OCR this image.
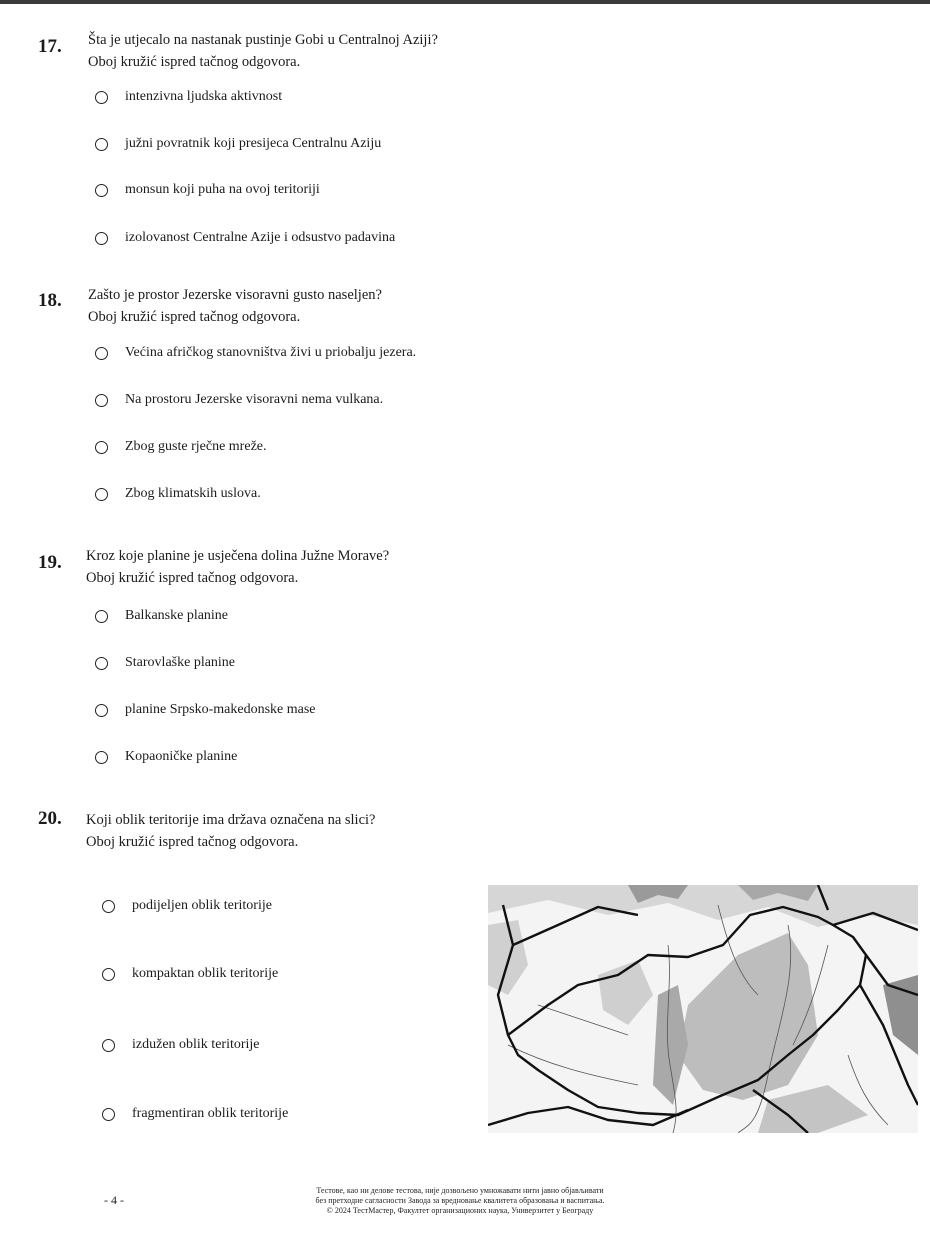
17. Šta je utjecalo na nastanak pustinje Gobi u Centralnoj Aziji?
Oboj kružić ispred tačnog odgovora.
intenzivna ljudska aktivnost
južni povratnik koji presijeca Centralnu Aziju
monsun koji puha na ovoj teritoriji
izolovanost Centralne Azije i odsustvo padavina
18. Zašto je prostor Jezerske visoravni gusto naseljen?
Oboj kružić ispred tačnog odgovora.
Većina afričkog stanovništva živi u priobalju jezera.
Na prostoru Jezerske visoravni nema vulkana.
Zbog guste rječne mreže.
Zbog klimatskih uslova.
19. Kroz koje planine je usječena dolina Južne Morave?
Oboj kružić ispred tačnog odgovora.
Balkanske planine
Starovlaške planine
planine Srpsko-makedonske mase
Kopaoničke planine
20. Koji oblik teritorije ima država označena na slici?
Oboj kružić ispred tačnog odgovora.
podijeljen oblik teritorije
kompaktan oblik teritorije
izdužen oblik teritorije
fragmentiran oblik teritorije
- 4 -
Тестове, као ни делове тестова, није дозвољено умножавати нити јавно објављивати
без претходне сагласности Завода за вредновање квалитета образовања и васпитања.
© 2024 ТестМастер, Факултет организационих наука, Универзитет у Београду
